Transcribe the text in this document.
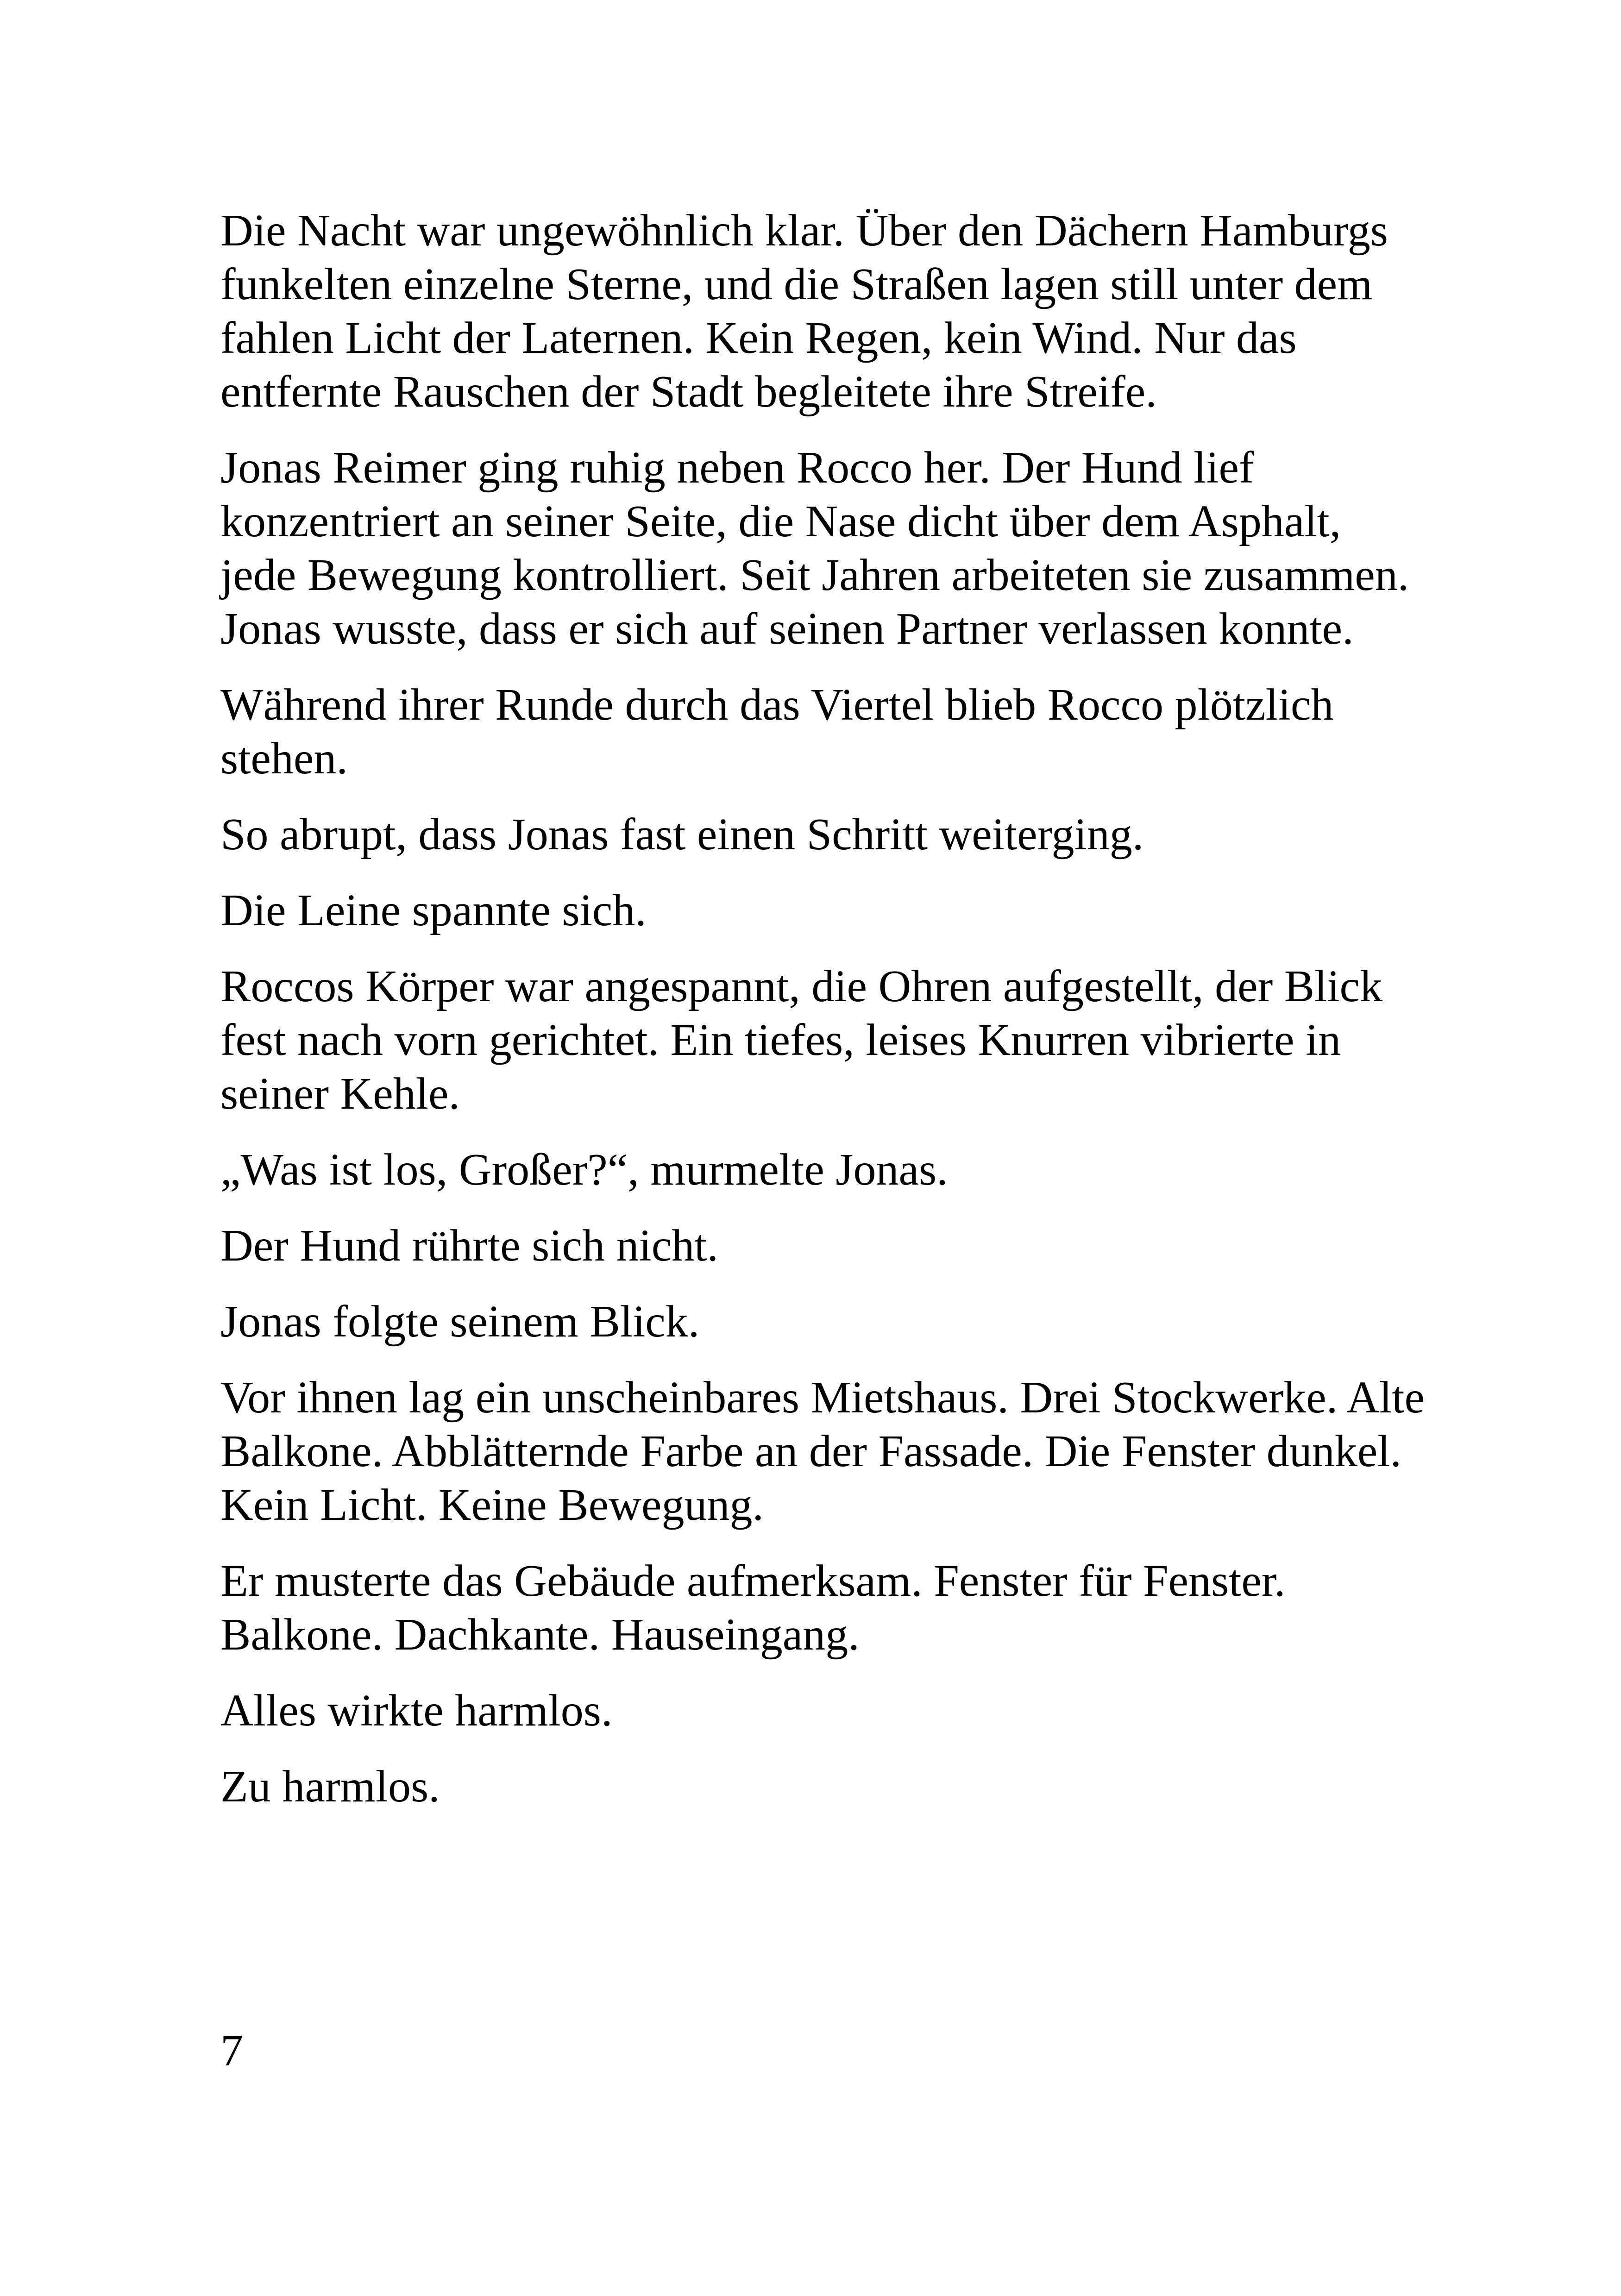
Die Nacht war ungewöhnlich klar. Über den Dächern Hamburgs funkelten einzelne Sterne, und die Straßen lagen still unter dem fahlen Licht der Laternen. Kein Regen, kein Wind. Nur das entfernte Rauschen der Stadt begleitete ihre Streife.

Jonas Reimer ging ruhig neben Rocco her. Der Hund lief konzentriert an seiner Seite, die Nase dicht über dem Asphalt, jede Bewegung kontrolliert. Seit Jahren arbeiteten sie zusammen. Jonas wusste, dass er sich auf seinen Partner verlassen konnte.

Während ihrer Runde durch das Viertel blieb Rocco plötzlich stehen.

So abrupt, dass Jonas fast einen Schritt weiterging.

Die Leine spannte sich.

Roccos Körper war angespannt, die Ohren aufgestellt, der Blick fest nach vorn gerichtet. Ein tiefes, leises Knurren vibrierte in seiner Kehle.

„Was ist los, Großer?“, murmelte Jonas.

Der Hund rührte sich nicht.

Jonas folgte seinem Blick.

Vor ihnen lag ein unscheinbares Mietshaus. Drei Stockwerke. Alte Balkone. Abblätternde Farbe an der Fassade. Die Fenster dunkel. Kein Licht. Keine Bewegung.

Er musterte das Gebäude aufmerksam. Fenster für Fenster. Balkone. Dachkante. Hauseingang.

Alles wirkte harmlos.

Zu harmlos.

7
